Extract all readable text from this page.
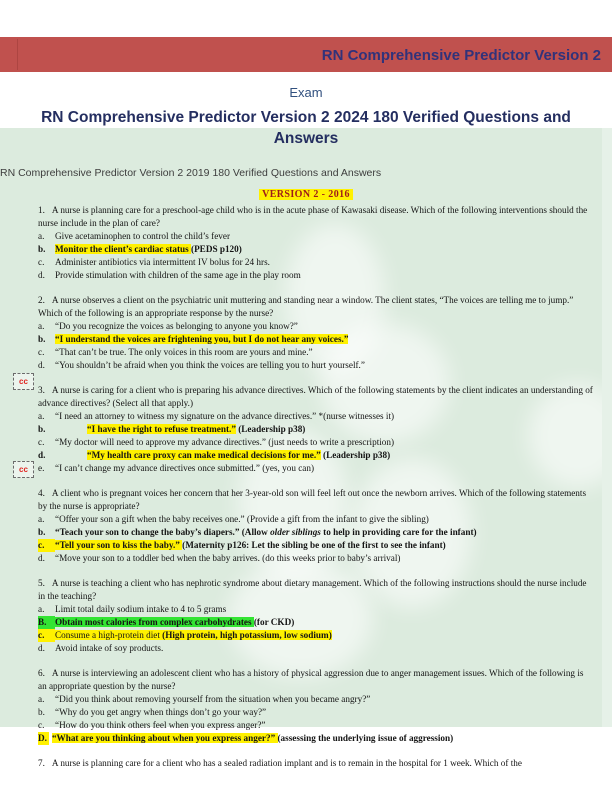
RN Comprehensive Predictor Version 2
Exam
RN Comprehensive Predictor Version 2 2024 180 Verified Questions and Answers
RN Comprehensive Predictor Version 2 2019 180 Verified Questions and Answers
VERSION 2 - 2016
cc
cc

1. A nurse is planning care for a preschool-age child who is in the acute phase of Kawasaki disease. Which of the following interventions should the nurse include in the plan of care?

a.	Give acetaminophen to control the child’s fever
b.	Monitor the client’s cardiac status (PEDS p120)
c.	Administer antibiotics via intermittent IV bolus for 24 hrs.
d.	Provide stimulation with children of the same age in the play room

2. A nurse observes a client on the psychiatric unit muttering and standing near a window. The client states, “The voices are telling me to jump.” Which of the following is an appropriate response by the nurse?

a.	“Do you recognize the voices as belonging to anyone you know?”
b.	“I understand the voices are frightening you, but I do not hear any voices.”
c.	“That can’t be true. The only voices in this room are yours and mine.”
d.	“You shouldn’t be afraid when you think the voices are telling you to hurt yourself.”

3. A nurse is caring for a client who is preparing his advance directives. Which of the following statements by the client indicates an understanding of advance directives? (Select all that apply.)

a.	“I need an attorney to witness my signature on the advance directives.” *(nurse witnesses it)
b.	“I have the right to refuse treatment.” (Leadership p38)
c.	“My doctor will need to approve my advance directives.” (just needs to write a prescription)
d.	“My health care proxy can make medical decisions for me.” (Leadership p38)
e.	“I can’t change my advance directives once submitted.” (yes, you can)

4. A client who is pregnant voices her concern that her 3-year-old son will feel left out once the newborn arrives. Which of the following statements by the nurse is appropriate?

a.	“Offer your son a gift when the baby receives one.” (Provide a gift from the infant to give the sibling)
b.	“Teach your son to change the baby’s diapers.” (Allow older siblings to help in providing care for the infant)
c.	“Tell your son to kiss the baby.” (Maternity p126: Let the sibling be one of the first to see the infant)
d.	“Move your son to a toddler bed when the baby arrives. (do this weeks prior to baby’s arrival)

5. A nurse is teaching a client who has nephrotic syndrome about dietary management. Which of the following instructions should the nurse include in the teaching?

a.	Limit total daily sodium intake to 4 to 5 grams
B. Obtain most calories from complex carbohydrates (for CKD)
c.	Consume a high-protein diet (High protein, high potassium, low sodium)
d.	Avoid intake of soy products.

6. A nurse is interviewing an adolescent client who has a history of physical aggression due to anger management issues. Which of the following is an appropriate question by the nurse?

a.	“Did you think about removing yourself from the situation when you became angry?”
b.	“Why do you get angry when things don’t go your way?”
c.	“How do you think others feel when you express anger?”
D. “What are you thinking about when you express anger?” (assessing the underlying issue of aggression)

7. A nurse is planning care for a client who has a sealed radiation implant and is to remain in the hospital for 1 week. Which of the
